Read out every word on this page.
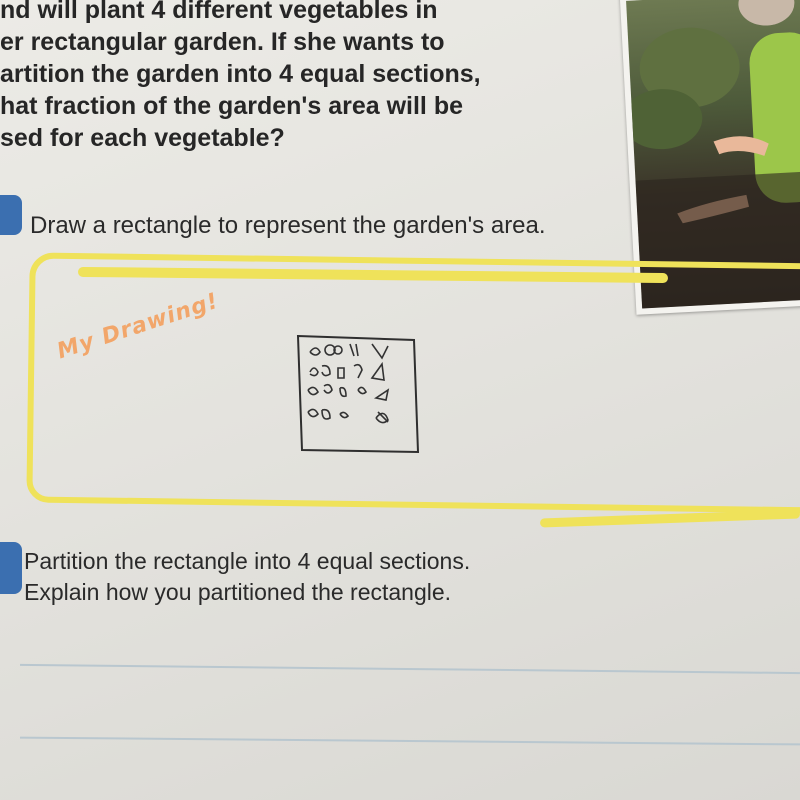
nd will plant 4 different vegetables in
er rectangular garden. If she wants to
artition the garden into 4 equal sections,
hat fraction of the garden's area will be
sed for each vegetable?

Draw a rectangle to represent the garden's area.

My Drawing!

Partition the rectangle into 4 equal sections.
Explain how you partitioned the rectangle.
